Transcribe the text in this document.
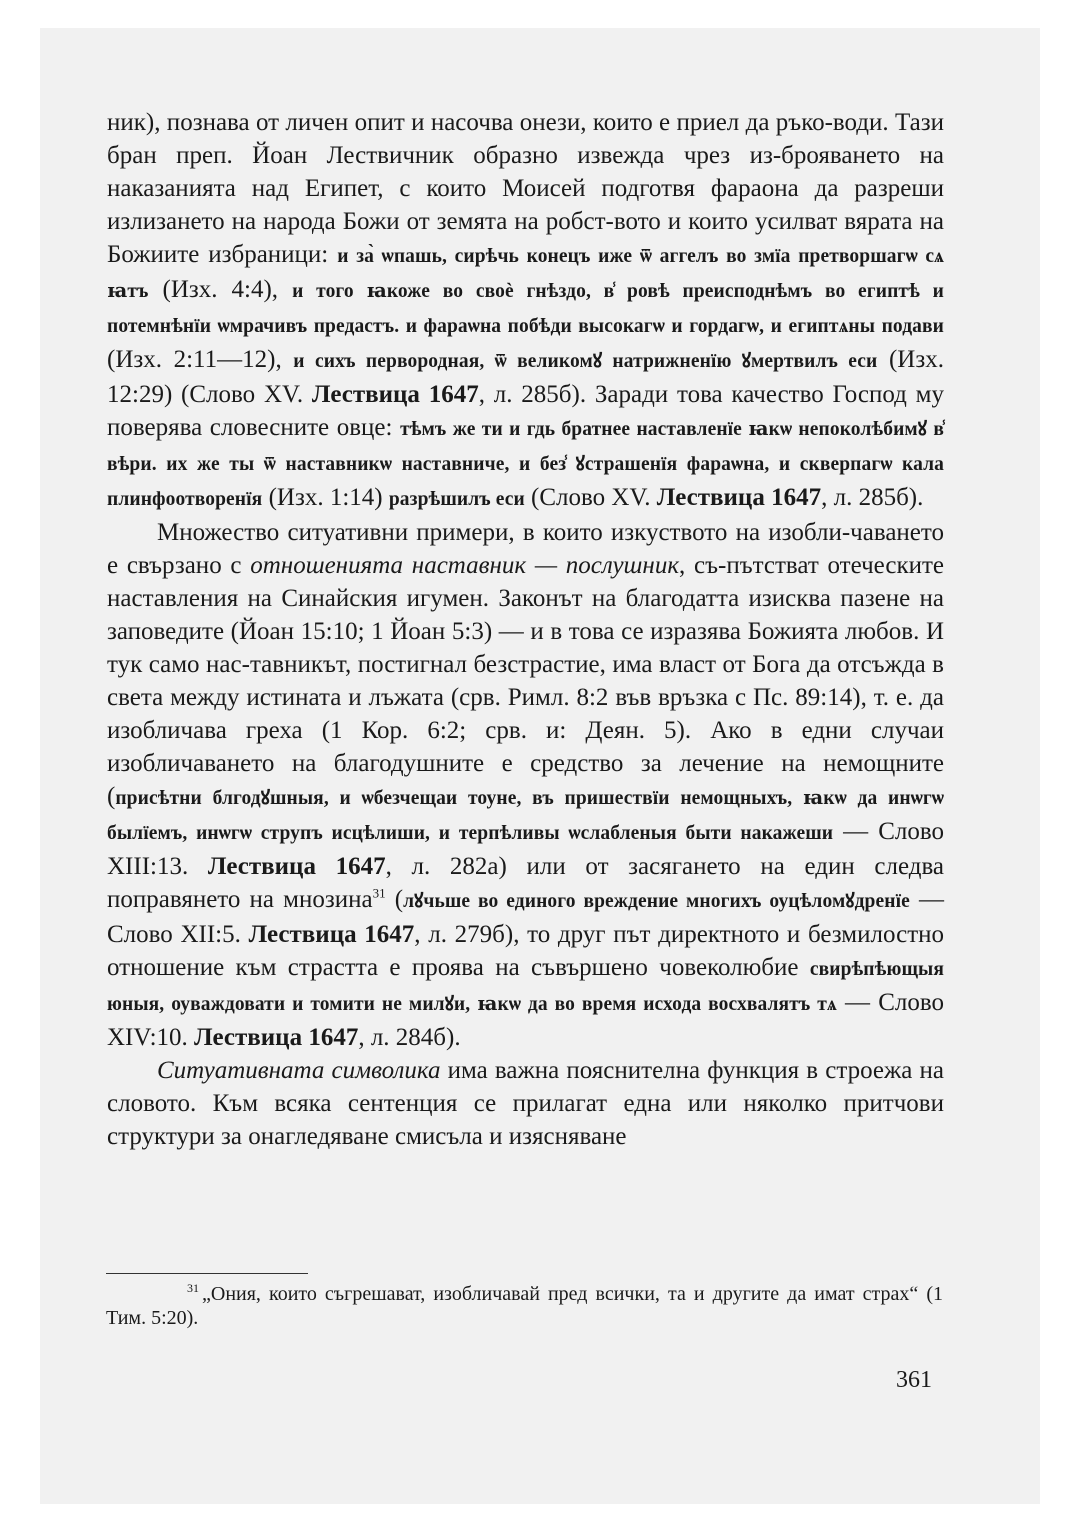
ник), познава от личен опит и насочва онези, които е приел да ръко-води. Тази бран преп. Йоан Лествичник образно извежда чрез из-брояването на наказанията над Египет, с които Моисей подготвя фараона да разреши излизането на народа Божи от земята на робст-вото и които усилват вярата на Божиите избраници: и за̀ ѡпашь, сирѣчь конецъ иже ѿ аггелъ во змїа претворшагѡ сѧ ꙗтъ (Изх. 4:4), и того ꙗкоже во своѐ гнѣздо, в̾ ровѣ преисподнѣмъ во египтѣ и потемнѣнїи ѡмрачивъ предастъ. и фараѡна побѣди высокагѡ и гордагѡ, и египтѧны подави (Изх. 2:11—12), и сихъ первородная, ѿ великомꙋ натрижненїю ꙋмертвилъ еси (Изх. 12:29) (Слово XV. Лествица 1647, л. 285б). Заради това качество Господ му поверява словесните овце: тѣмъ же ти и гдь братнее наставленїе ꙗкѡ непоколѣбимꙋ в̾ вѣри. их же ты ѿ наставникѡ наставниче, и без̾ ꙋстрашенїя фараѡна, и скверпагѡ кала плинфоотворенїя (Изх. 1:14) разрѣшилъ еси (Слово XV. Лествица 1647, л. 285б).

Множество ситуативни примери, в които изкуството на изобли-чаването е свързано с отношенията наставник — послушник, съ-пътстват отеческите наставления на Синайския игумен. Законът на благодатта изисква пазене на заповедите (Йоан 15:10; 1 Йоан 5:3) — и в това се изразява Божията любов. И тук само нас-тавникът, постигнал безстрастие, има власт от Бога да отсъжда в света между истината и лъжата (срв. Римл. 8:2 във връзка с Пс. 89:14), т. е. да изобличава греха (1 Кор. 6:2; срв. и: Деян. 5). Ако в едни случаи изобличаването на благодушните е средство за лечение на немощните (присѣтни блгодꙋшныя, и ѡбезчещаи тоуне, въ пришествїи немощныхъ, ꙗкѡ да инѡгѡ былїемъ, инѡгѡ струпъ исцѣлиши, и терпѣливы ѡслабленыя быти накажеши — Слово XIII:13. Лествица 1647, л. 282а) или от засягането на един следва поправянето на мнозина$^{31}$ (лꙋчьше во единого вреждение многихъ оуцѣломꙋдренїе — Слово XII:5. Лествица 1647, л. 279б), то друг път директното и безмилостно отношение към страстта е проява на съвършено човеколюбие свирѣпѣющыя юныя, оуваждовати и томити не милꙋи, ꙗкѡ да во время исхода восхвалятъ тѧ — Слово XIV:10. Лествица 1647, л. 284б).

Ситуативната символика има важна пояснителна функция в строежа на словото. Към всяка сентенция се прилагат една или няколко притчови структури за онагледяване смисъла и изясняване

$^{31}$ „Ония, които съгрешават, изобличавай пред всички, та и другите да имат страх“ (1 Тим. 5:20).
361
